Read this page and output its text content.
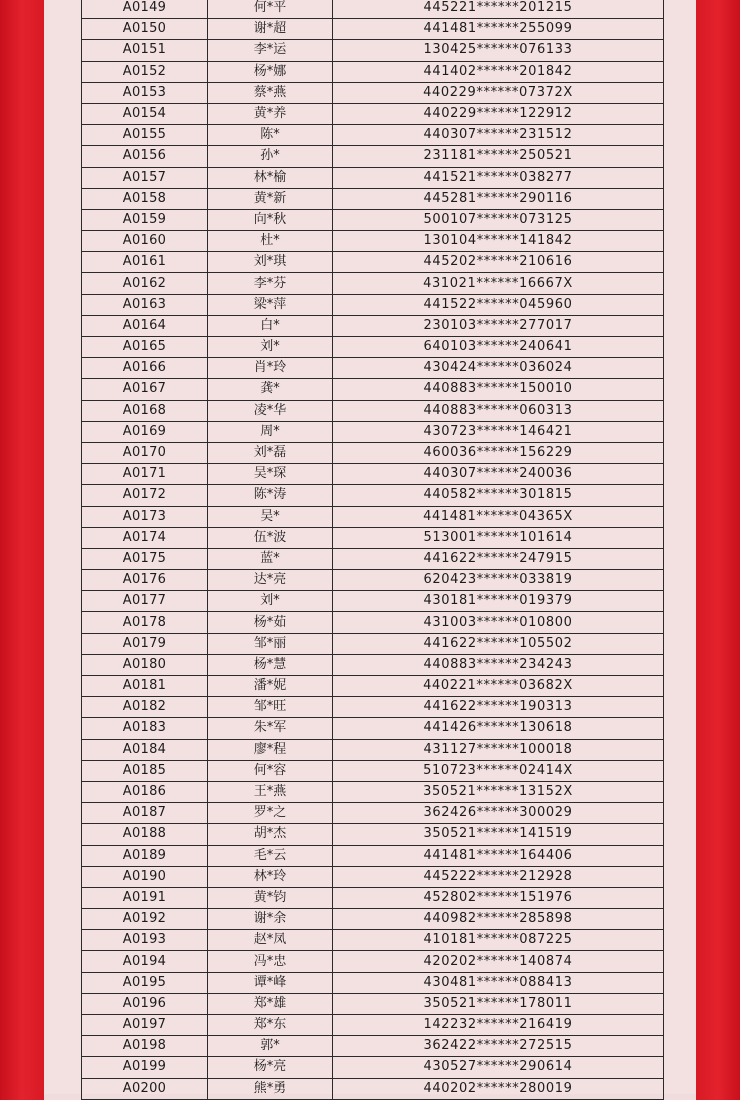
A0149	何*平	445221******201215
A0150	谢*超	441481******255099
A0151	李*运	130425******076133
A0152	杨*娜	441402******201842
A0153	蔡*燕	440229******07372X
A0154	黄*养	440229******122912
A0155	陈*	440307******231512
A0156	孙*	231181******250521
A0157	林*榆	441521******038277
A0158	黄*新	445281******290116
A0159	向*秋	500107******073125
A0160	杜*	130104******141842
A0161	刘*琪	445202******210616
A0162	李*芬	431021******16667X
A0163	梁*萍	441522******045960
A0164	白*	230103******277017
A0165	刘*	640103******240641
A0166	肖*玲	430424******036024
A0167	龚*	440883******150010
A0168	凌*华	440883******060313
A0169	周*	430723******146421
A0170	刘*磊	460036******156229
A0171	吴*琛	440307******240036
A0172	陈*涛	440582******301815
A0173	吴*	441481******04365X
A0174	伍*波	513001******101614
A0175	蓝*	441622******247915
A0176	达*亮	620423******033819
A0177	刘*	430181******019379
A0178	杨*茹	431003******010800
A0179	邹*丽	441622******105502
A0180	杨*慧	440883******234243
A0181	潘*妮	440221******03682X
A0182	邹*旺	441622******190313
A0183	朱*军	441426******130618
A0184	廖*程	431127******100018
A0185	何*容	510723******02414X
A0186	王*燕	350521******13152X
A0187	罗*之	362426******300029
A0188	胡*杰	350521******141519
A0189	毛*云	441481******164406
A0190	林*玲	445222******212928
A0191	黄*钧	452802******151976
A0192	谢*余	440982******285898
A0193	赵*凤	410181******087225
A0194	冯*忠	420202******140874
A0195	谭*峰	430481******088413
A0196	郑*雄	350521******178011
A0197	郑*东	142232******216419
A0198	郭*	362422******272515
A0199	杨*亮	430527******290614
A0200	熊*勇	440202******280019
